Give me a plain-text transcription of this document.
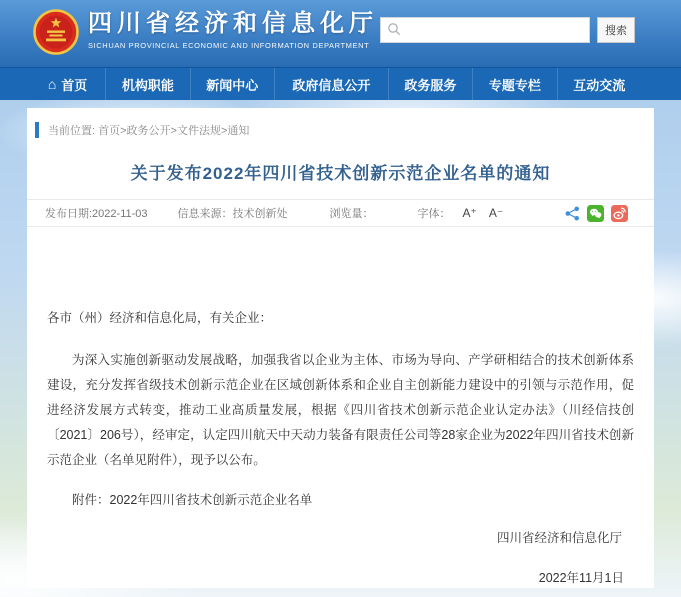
四川省经济和信息化厅
SICHUAN PROVINCIAL ECONOMIC AND INFORMATION DEPARTMENT
搜索
⌂ 首页	机构职能 新闻中心	政府信息公开	政务服务 专题专栏 互动交流
当前位置: 首页>政务公开>文件法规>通知
关于发布2022年四川省技术创新示范企业名单的通知
发布日期:2022-11-03	信息来源：技术创新处	浏览量：	字体： A⁺ A⁻
各市（州）经济和信息化局，有关企业：
为深入实施创新驱动发展战略，加强我省以企业为主体、市场为导向、产学研相结合的技术创新体系建设，充分发挥省级技术创新示范企业在区域创新体系和企业自主创新能力建设中的引领与示范作用，促进经济发展方式转变，推动工业高质量发展，根据《四川省技术创新示范企业认定办法》（川经信技创〔2021〕206号），经审定，认定四川航天中天动力装备有限责任公司等28家企业为2022年四川省技术创新示范企业（名单见附件），现予以公布。
附件：2022年四川省技术创新示范企业名单
四川省经济和信息化厅
2022年11月1日
